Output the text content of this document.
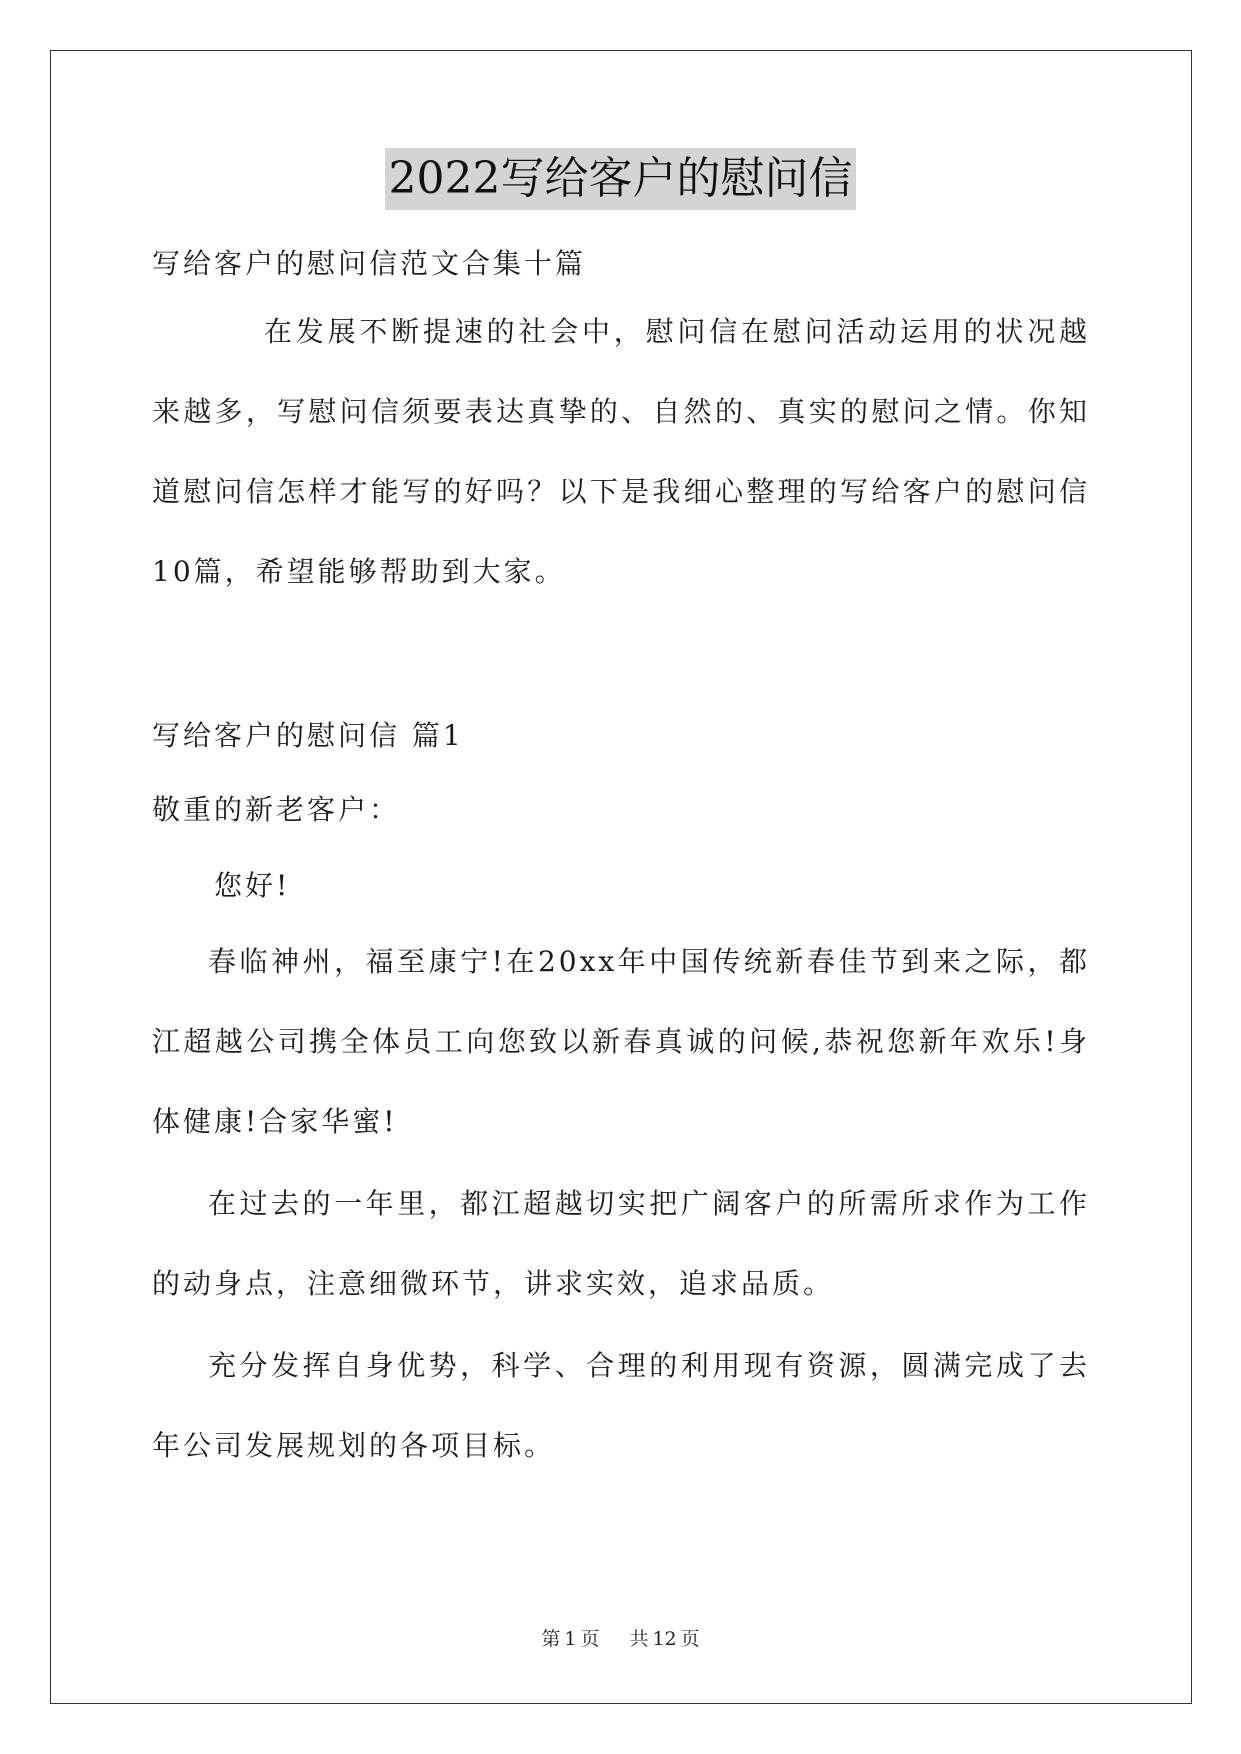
2022写给客户的慰问信
写给客户的慰问信范文合集十篇
在发展不断提速的社会中，慰问信在慰问活动运用的状况越来越多，写慰问信须要表达真挚的、自然的、真实的慰问之情。你知道慰问信怎样才能写的好吗？以下是我细心整理的写给客户的慰问信10篇，希望能够帮助到大家。
写给客户的慰问信 篇1
敬重的新老客户：
您好!
春临神州，福至康宁!在20xx年中国传统新春佳节到来之际，都江超越公司携全体员工向您致以新春真诚的问候,恭祝您新年欢乐!身体健康!合家华蜜!
在过去的一年里，都江超越切实把广阔客户的所需所求作为工作的动身点，注意细微环节，讲求实效，追求品质。
充分发挥自身优势，科学、合理的利用现有资源，圆满完成了去年公司发展规划的各项目标。
第 1 页 共 12 页
